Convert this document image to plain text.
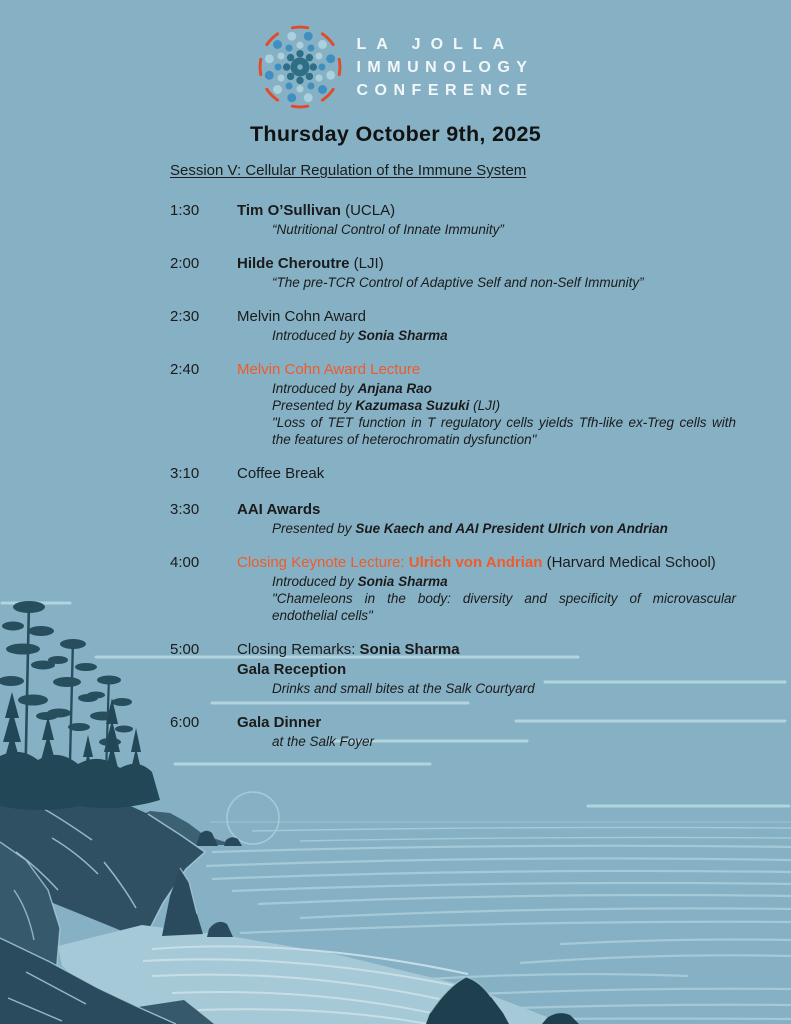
LA JOLLA
IMMUNOLOGY
CONFERENCE
Thursday October 9th, 2025
Session V: Cellular Regulation of the Immune System
1:30	Tim O’Sullivan (UCLA)
“Nutritional Control of Innate Immunity”
2:00	Hilde Cheroutre (LJI)
“The pre-TCR Control of Adaptive Self and non-Self Immunity”
2:30	Melvin Cohn Award
Introduced by Sonia Sharma
2:40	Melvin Cohn Award Lecture
Introduced by Anjana Rao
Presented by Kazumasa Suzuki (LJI)
"Loss of TET function in T regulatory cells yields Tfh-like ex-Treg cells with the features of heterochromatin dysfunction"
3:10	Coffee Break
3:30	AAI Awards
Presented by Sue Kaech and AAI President Ulrich von Andrian
4:00	Closing Keynote Lecture: Ulrich von Andrian (Harvard Medical School)
Introduced by Sonia Sharma
"Chameleons in the body: diversity and specificity of microvascular endothelial cells"
5:00	Closing Remarks: Sonia Sharma
Gala Reception
Drinks and small bites at the Salk Courtyard
6:00	Gala Dinner
at the Salk Foyer
